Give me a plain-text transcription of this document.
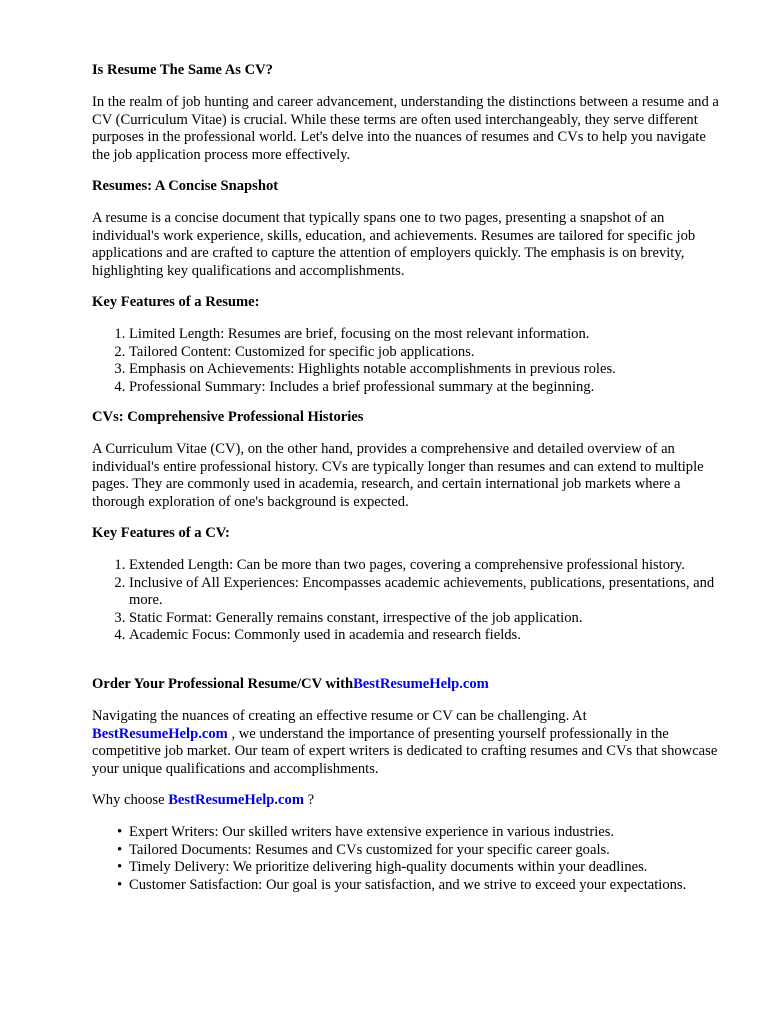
Is Resume The Same As CV?

In the realm of job hunting and career advancement, understanding the distinctions between a resume and a CV (Curriculum Vitae) is crucial. While these terms are often used interchangeably, they serve different purposes in the professional world. Let's delve into the nuances of resumes and CVs to help you navigate the job application process more effectively.

Resumes: A Concise Snapshot

A resume is a concise document that typically spans one to two pages, presenting a snapshot of an individual's work experience, skills, education, and achievements. Resumes are tailored for specific job applications and are crafted to capture the attention of employers quickly. The emphasis is on brevity, highlighting key qualifications and accomplishments.

Key Features of a Resume:

1. Limited Length: Resumes are brief, focusing on the most relevant information.
2. Tailored Content: Customized for specific job applications.
3. Emphasis on Achievements: Highlights notable accomplishments in previous roles.
4. Professional Summary: Includes a brief professional summary at the beginning.

CVs: Comprehensive Professional Histories

A Curriculum Vitae (CV), on the other hand, provides a comprehensive and detailed overview of an individual's entire professional history. CVs are typically longer than resumes and can extend to multiple pages. They are commonly used in academia, research, and certain international job markets where a thorough exploration of one's background is expected.

Key Features of a CV:

1. Extended Length: Can be more than two pages, covering a comprehensive professional history.
2. Inclusive of All Experiences: Encompasses academic achievements, publications, presentations, and more.
3. Static Format: Generally remains constant, irrespective of the job application.
4. Academic Focus: Commonly used in academia and research fields.

Order Your Professional Resume/CV withBestResumeHelp.com

Navigating the nuances of creating an effective resume or CV can be challenging. At
BestResumeHelp.com , we understand the importance of presenting yourself professionally in the competitive job market. Our team of expert writers is dedicated to crafting resumes and CVs that showcase your unique qualifications and accomplishments.

Why choose BestResumeHelp.com ?

• Expert Writers: Our skilled writers have extensive experience in various industries.
• Tailored Documents: Resumes and CVs customized for your specific career goals.
• Timely Delivery: We prioritize delivering high-quality documents within your deadlines.
• Customer Satisfaction: Our goal is your satisfaction, and we strive to exceed your expectations.
